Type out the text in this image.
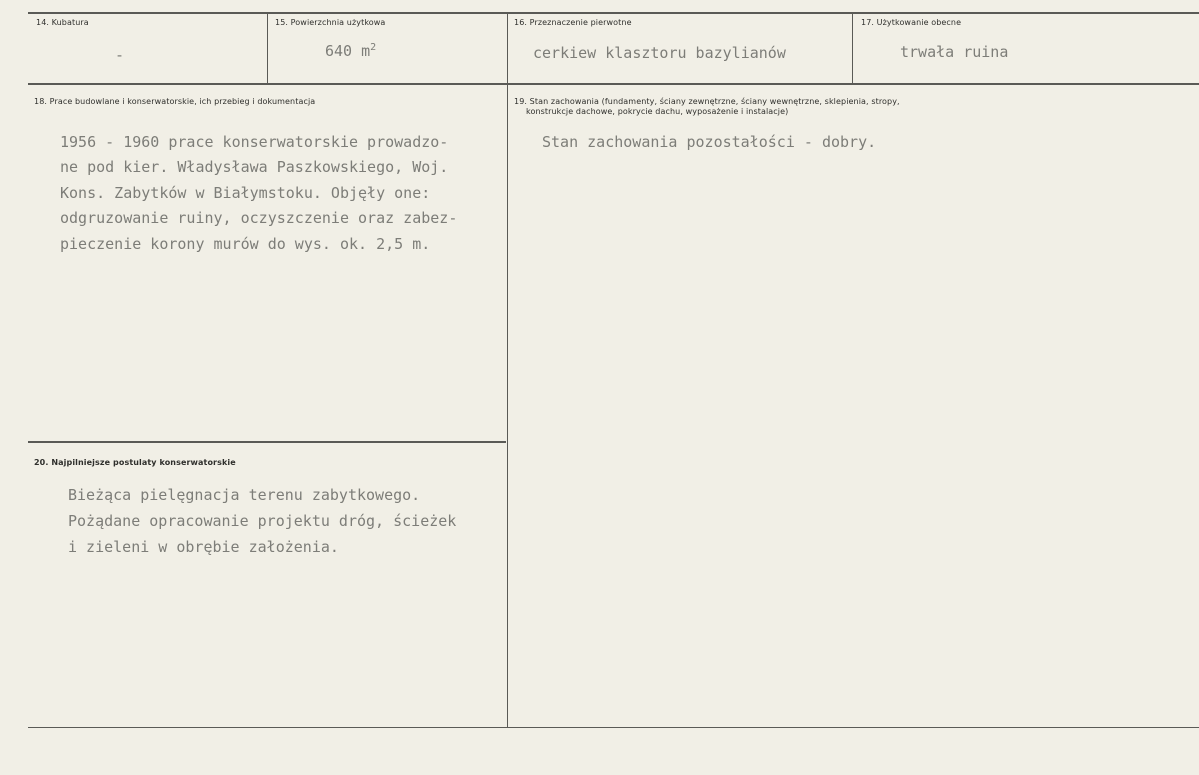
14. Kubatura
-
15. Powierzchnia użytkowa
640 $m^2$
16. Przeznaczenie pierwotne
cerkiew klasztoru bazylianów
17. Użytkowanie obecne
trwała ruina
18. Prace budowlane i konserwatorskie, ich przebieg i dokumentacja
1956 - 1960 prace konserwatorskie prowadzo-
ne pod kier. Władysława Paszkowskiego, Woj.
Kons. Zabytków w Białymstoku. Objęły one:
odgruzowanie ruiny, oczyszczenie oraz zabez-
pieczenie korony murów do wys. ok. 2,5 m.
19. Stan zachowania (fundamenty, ściany zewnętrzne, ściany wewnętrzne, sklepienia, stropy,
konstrukcje dachowe, pokrycie dachu, wyposażenie i instalacje)
Stan zachowania pozostałości - dobry.
20. Najpilniejsze postulaty konserwatorskie
Bieżąca pielęgnacja terenu zabytkowego.
Pożądane opracowanie projektu dróg, ścieżek
i zieleni w obrębie założenia.
